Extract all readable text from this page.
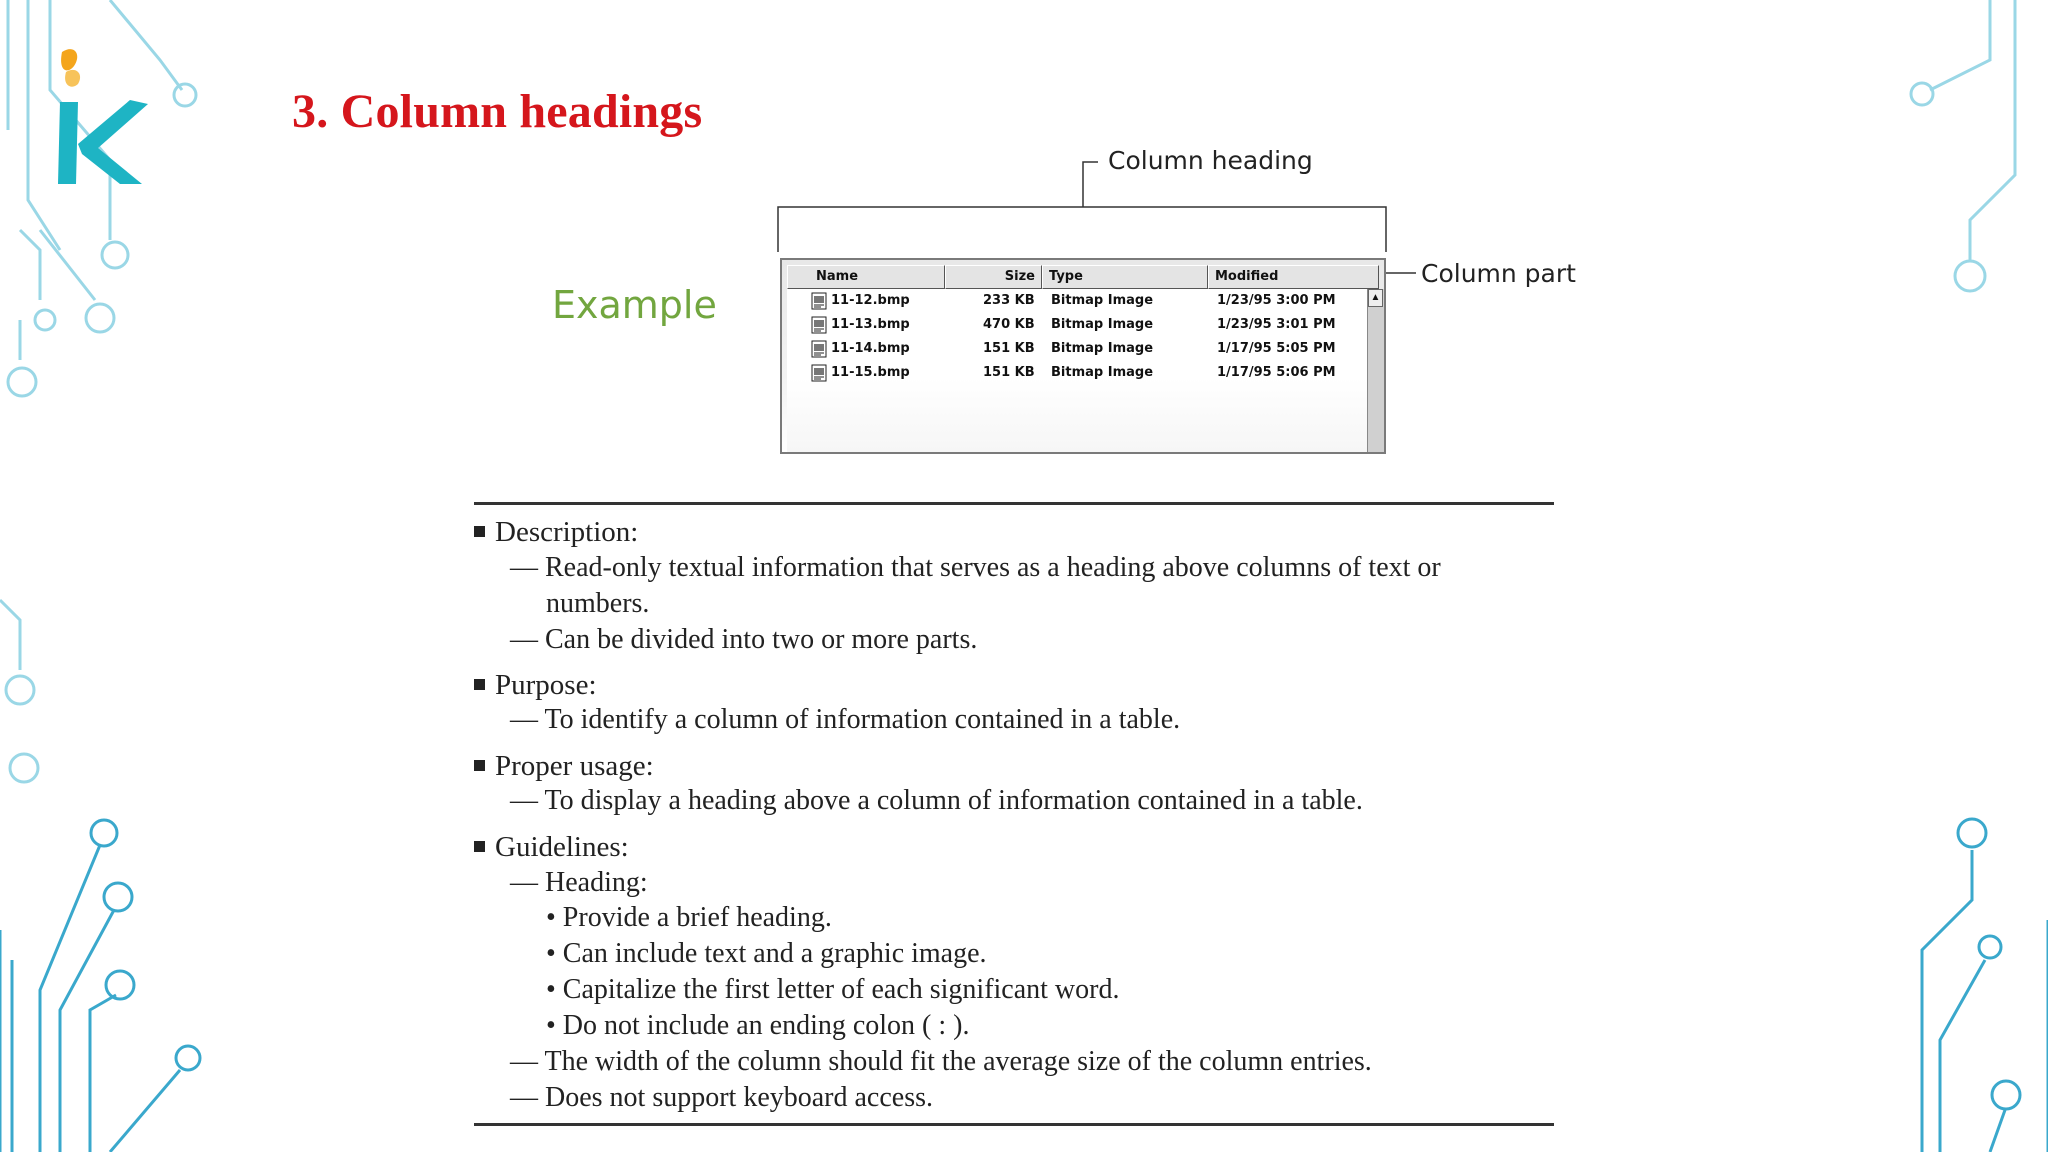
3. Column headings
Example
Column heading
Column part
Name	Size	Type	Modified
11-12.bmp	233 KB Bitmap Image	1/23/95 3:00 PM
11-13.bmp	470 KB Bitmap Image	1/23/95 3:01 PM
11-14.bmp	151 KB Bitmap Image	1/17/95 5:05 PM
11-15.bmp	151 KB Bitmap Image	1/17/95 5:06 PM
▲
Description:
— Read-only textual information that serves as a heading above columns of text or
numbers.
— Can be divided into two or more parts.
Purpose:
— To identify a column of information contained in a table.
Proper usage:
— To display a heading above a column of information contained in a table.
Guidelines:
— Heading:
• Provide a brief heading.
• Can include text and a graphic image.
• Capitalize the first letter of each significant word.
• Do not include an ending colon ( : ).
— The width of the column should fit the average size of the column entries.
— Does not support keyboard access.
